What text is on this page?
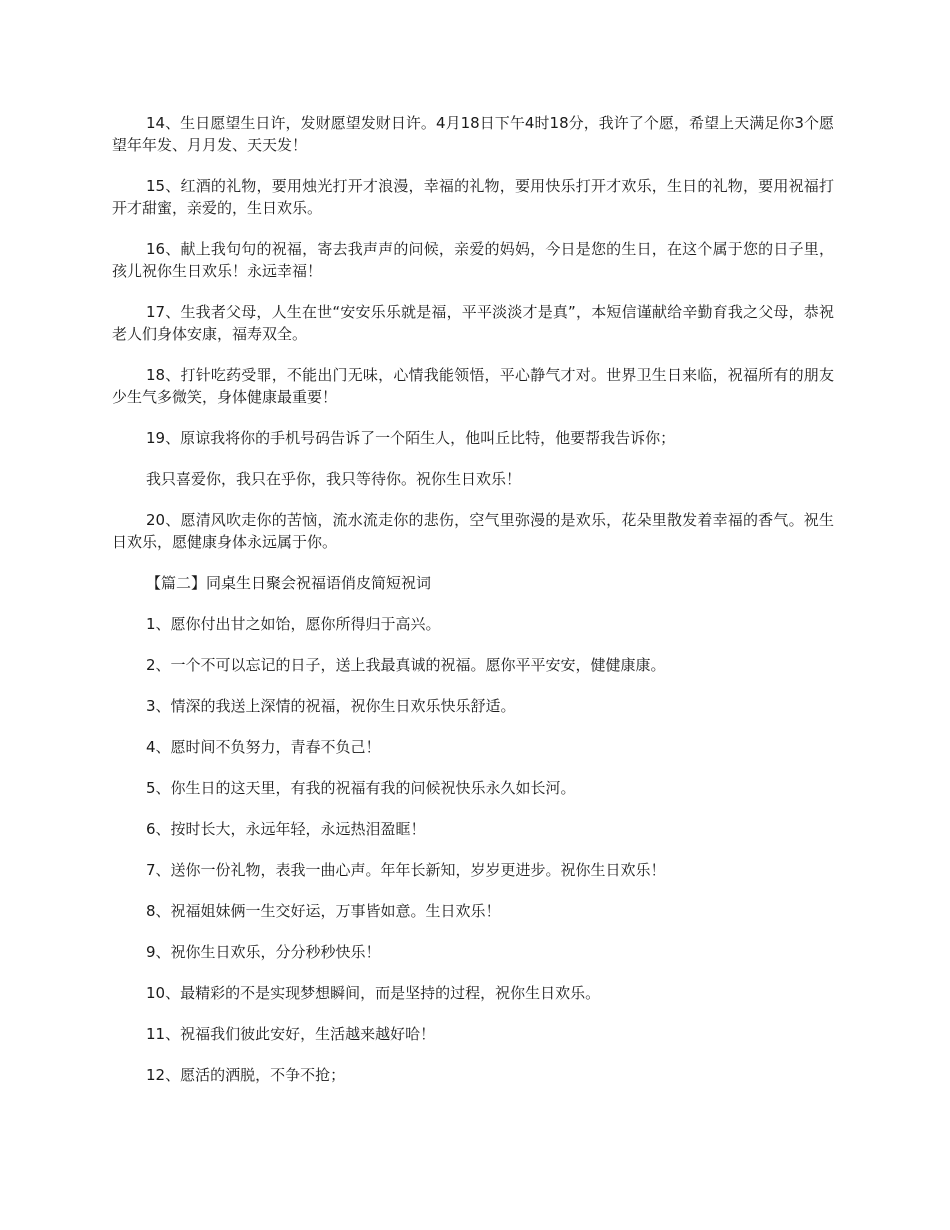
14、生日愿望生日许，发财愿望发财日许。4月18日下午4时18分，我许了个愿，希望上天满足你3个愿望年年发、月月发、天天发！

15、红酒的礼物，要用烛光打开才浪漫，幸福的礼物，要用快乐打开才欢乐，生日的礼物，要用祝福打开才甜蜜，亲爱的，生日欢乐。

16、献上我句句的祝福，寄去我声声的问候，亲爱的妈妈，今日是您的生日，在这个属于您的日子里，孩儿祝你生日欢乐！永远幸福！

17、生我者父母，人生在世“安安乐乐就是福，平平淡淡才是真”，本短信谨献给辛勤育我之父母，恭祝老人们身体安康，福寿双全。

18、打针吃药受罪，不能出门无味，心情我能领悟，平心静气才对。世界卫生日来临，祝福所有的朋友少生气多微笑，身体健康最重要！

19、原谅我将你的手机号码告诉了一个陌生人，他叫丘比特，他要帮我告诉你；

我只喜爱你，我只在乎你，我只等待你。祝你生日欢乐！

20、愿清风吹走你的苦恼，流水流走你的悲伤，空气里弥漫的是欢乐，花朵里散发着幸福的香气。祝生日欢乐，愿健康身体永远属于你。

【篇二】同桌生日聚会祝福语俏皮简短祝词

1、愿你付出甘之如饴，愿你所得归于高兴。

2、一个不可以忘记的日子，送上我最真诚的祝福。愿你平平安安，健健康康。

3、情深的我送上深情的祝福，祝你生日欢乐快乐舒适。

4、愿时间不负努力，青春不负己！

5、你生日的这天里，有我的祝福有我的问候祝快乐永久如长河。

6、按时长大，永远年轻，永远热泪盈眶！

7、送你一份礼物，表我一曲心声。年年长新知，岁岁更进步。祝你生日欢乐！

8、祝福姐妹俩一生交好运，万事皆如意。生日欢乐！

9、祝你生日欢乐，分分秒秒快乐！

10、最精彩的不是实现梦想瞬间，而是坚持的过程，祝你生日欢乐。

11、祝福我们彼此安好，生活越来越好哈！

12、愿活的洒脱，不争不抢；
